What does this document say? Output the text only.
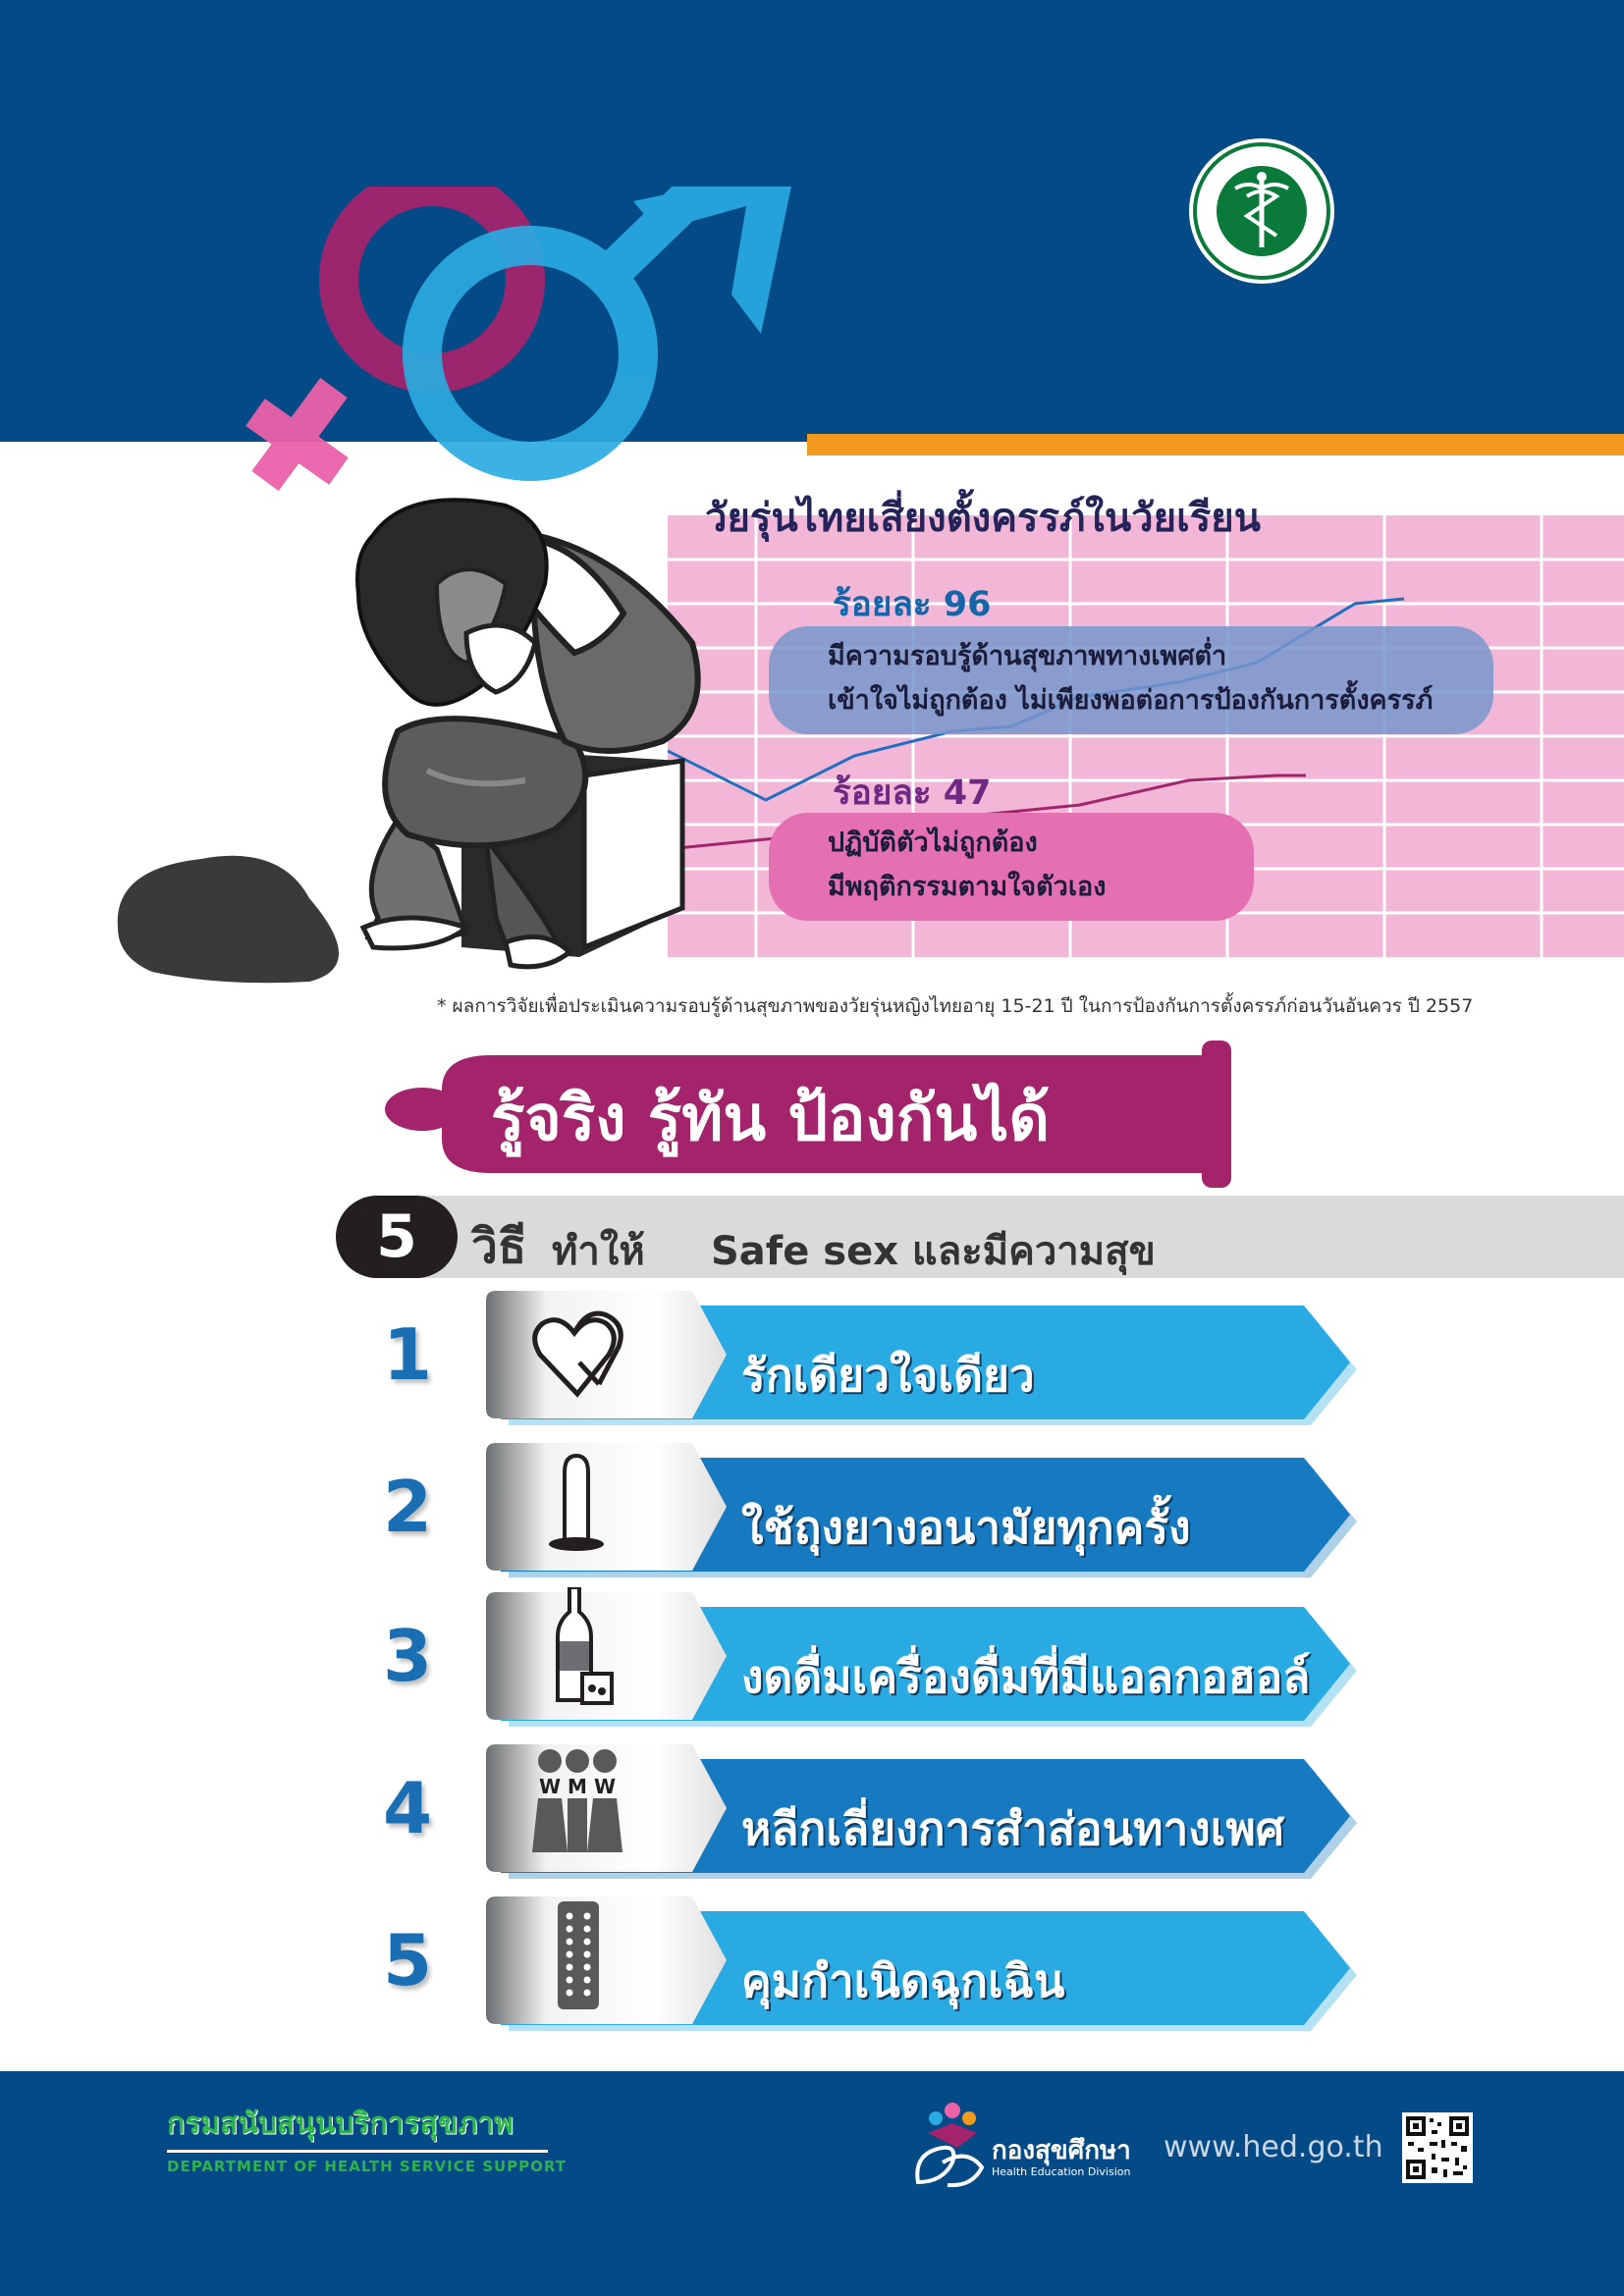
วัยรุ่นไทยเสี่ยงตั้งครรภ์ในวัยเรียน
ร้อยละ 96
มีความรอบรู้ด้านสุขภาพทางเพศต่ำ
เข้าใจไม่ถูกต้อง ไม่เพียงพอต่อการป้องกันการตั้งครรภ์
ร้อยละ 47
ปฏิบัติตัวไม่ถูกต้อง
มีพฤติกรรมตามใจตัวเอง
* ผลการวิจัยเพื่อประเมินความรอบรู้ด้านสุขภาพของวัยรุ่นหญิงไทยอายุ 15-21 ปี ในการป้องกันการตั้งครรภ์ก่อนวันอันควร ปี 2557
รู้จริง รู้ทัน ป้องกันได้
5	วิธี ทำให้ Safe sex และมีความสุข
1	รักเดียวใจเดียว
2	ใช้ถุงยางอนามัยทุกครั้ง
3	งดดื่มเครื่องดื่มที่มีแอลกอฮอล์
4	W M W
หลีกเลี่ยงการสำส่อนทางเพศ
5	คุมกำเนิดฉุกเฉิน
กรมสนับสนุนบริการสุขภาพ
DEPARTMENT OF HEALTH SERVICE SUPPORT
กองสุขศึกษา
Health Education Division
www.hed.go.th
